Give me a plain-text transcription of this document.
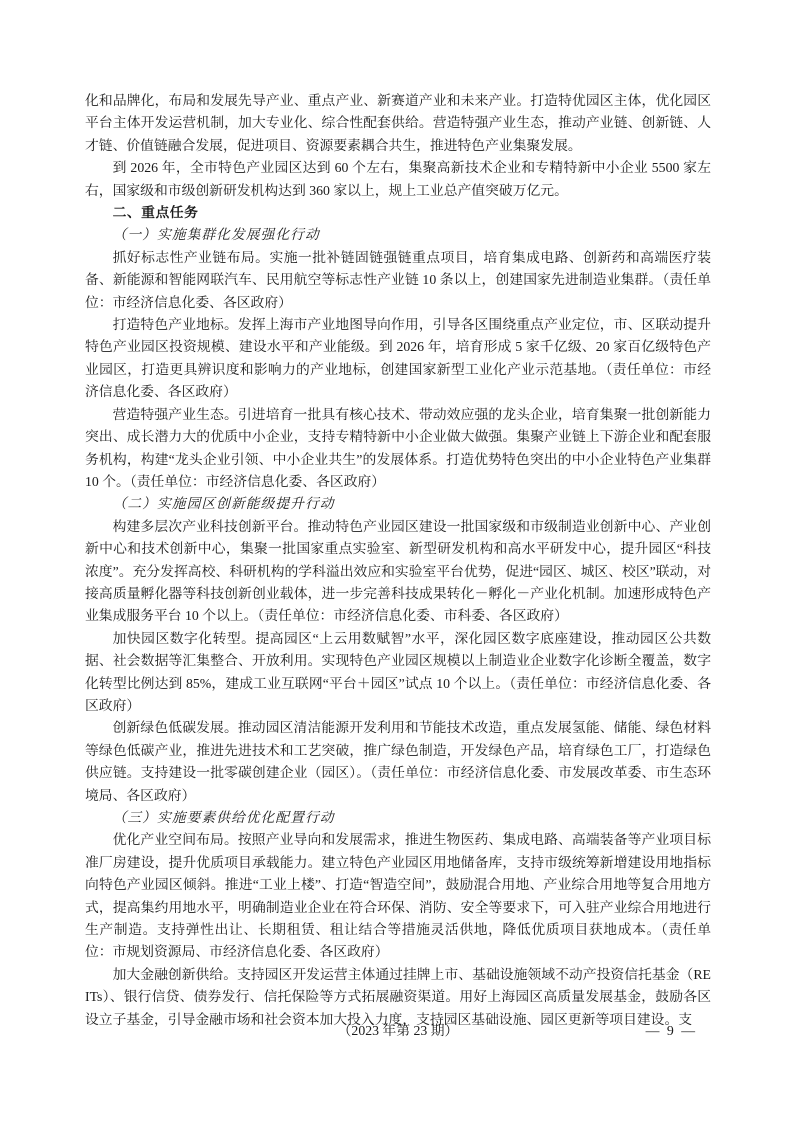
化和品牌化，布局和发展先导产业、重点产业、新赛道产业和未来产业。打造特优园区主体，优化园区平台主体开发运营机制，加大专业化、综合性配套供给。营造特强产业生态，推动产业链、创新链、人才链、价值链融合发展，促进项目、资源要素耦合共生，推进特色产业集聚发展。

到 2026 年，全市特色产业园区达到 60 个左右，集聚高新技术企业和专精特新中小企业 5500 家左右，国家级和市级创新研发机构达到 360 家以上，规上工业总产值突破万亿元。

二、重点任务

（一）实施集群化发展强化行动

抓好标志性产业链布局。实施一批补链固链强链重点项目，培育集成电路、创新药和高端医疗装备、新能源和智能网联汽车、民用航空等标志性产业链 10 条以上，创建国家先进制造业集群。（责任单位：市经济信息化委、各区政府）

打造特色产业地标。发挥上海市产业地图导向作用，引导各区围绕重点产业定位，市、区联动提升特色产业园区投资规模、建设水平和产业能级。到 2026 年，培育形成 5 家千亿级、20 家百亿级特色产业园区，打造更具辨识度和影响力的产业地标，创建国家新型工业化产业示范基地。（责任单位：市经济信息化委、各区政府）

营造特强产业生态。引进培育一批具有核心技术、带动效应强的龙头企业，培育集聚一批创新能力突出、成长潜力大的优质中小企业，支持专精特新中小企业做大做强。集聚产业链上下游企业和配套服务机构，构建“龙头企业引领、中小企业共生”的发展体系。打造优势特色突出的中小企业特色产业集群 10 个。（责任单位：市经济信息化委、各区政府）

（二）实施园区创新能级提升行动

构建多层次产业科技创新平台。推动特色产业园区建设一批国家级和市级制造业创新中心、产业创新中心和技术创新中心，集聚一批国家重点实验室、新型研发机构和高水平研发中心，提升园区“科技浓度”。充分发挥高校、科研机构的学科溢出效应和实验室平台优势，促进“园区、城区、校区”联动，对接高质量孵化器等科技创新创业载体，进一步完善科技成果转化－孵化－产业化机制。加速形成特色产业集成服务平台 10 个以上。（责任单位：市经济信息化委、市科委、各区政府）

加快园区数字化转型。提高园区“上云用数赋智”水平，深化园区数字底座建设，推动园区公共数据、社会数据等汇集整合、开放利用。实现特色产业园区规模以上制造业企业数字化诊断全覆盖，数字化转型比例达到 85%，建成工业互联网“平台＋园区”试点 10 个以上。（责任单位：市经济信息化委、各区政府）

创新绿色低碳发展。推动园区清洁能源开发利用和节能技术改造，重点发展氢能、储能、绿色材料等绿色低碳产业，推进先进技术和工艺突破，推广绿色制造，开发绿色产品，培育绿色工厂，打造绿色供应链。支持建设一批零碳创建企业（园区）。（责任单位：市经济信息化委、市发展改革委、市生态环境局、各区政府）

（三）实施要素供给优化配置行动

优化产业空间布局。按照产业导向和发展需求，推进生物医药、集成电路、高端装备等产业项目标准厂房建设，提升优质项目承载能力。建立特色产业园区用地储备库，支持市级统筹新增建设用地指标向特色产业园区倾斜。推进“工业上楼”、打造“智造空间”，鼓励混合用地、产业综合用地等复合用地方式，提高集约用地水平，明确制造业企业在符合环保、消防、安全等要求下，可入驻产业综合用地进行生产制造。支持弹性出让、长期租赁、租让结合等措施灵活供地，降低优质项目获地成本。（责任单位：市规划资源局、市经济信息化委、各区政府）

加大金融创新供给。支持园区开发运营主体通过挂牌上市、基础设施领域不动产投资信托基金（REITs）、银行信贷、债券发行、信托保险等方式拓展融资渠道。用好上海园区高质量发展基金，鼓励各区设立子基金，引导金融市场和社会资本加大投入力度，支持园区基础设施、园区更新等项目建设。支

（2023 年第 23 期）	— 9 —
